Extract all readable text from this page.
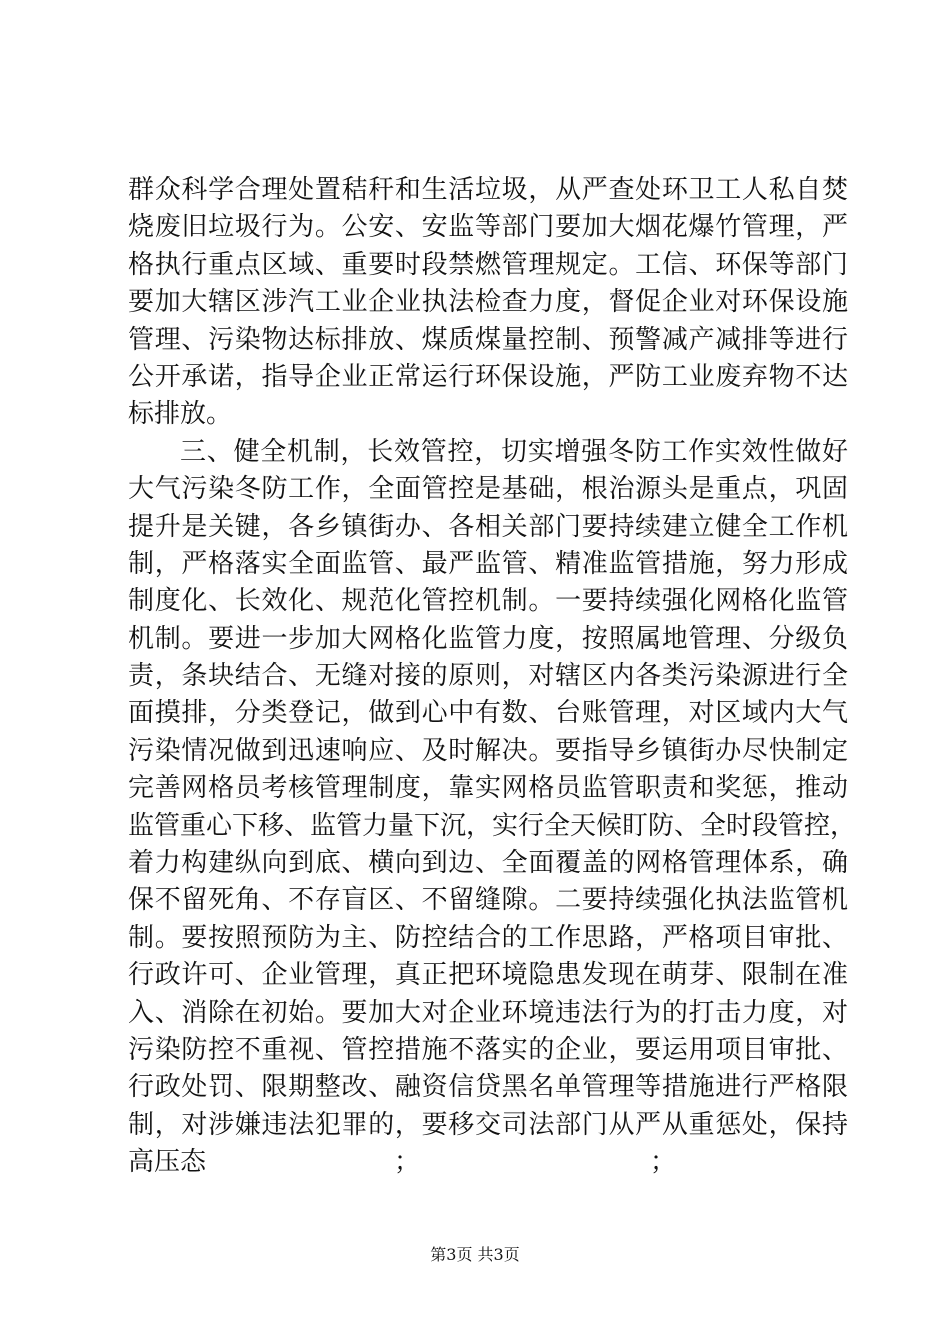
群众科学合理处置秸秆和生活垃圾，从严查处环卫工人私自焚
烧废旧垃圾行为。公安、安监等部门要加大烟花爆竹管理，严
格执行重点区域、重要时段禁燃管理规定。工信、环保等部门
要加大辖区涉汽工业企业执法检查力度，督促企业对环保设施
管理、污染物达标排放、煤质煤量控制、预警减产减排等进行
公开承诺，指导企业正常运行环保设施，严防工业废弃物不达
标排放。
三、健全机制，长效管控，切实增强冬防工作实效性做好
大气污染冬防工作，全面管控是基础，根治源头是重点，巩固
提升是关键，各乡镇街办、各相关部门要持续建立健全工作机
制，严格落实全面监管、最严监管、精准监管措施，努力形成
制度化、长效化、规范化管控机制。一要持续强化网格化监管
机制。要进一步加大网格化监管力度，按照属地管理、分级负
责，条块结合、无缝对接的原则，对辖区内各类污染源进行全
面摸排，分类登记，做到心中有数、台账管理，对区域内大气
污染情况做到迅速响应、及时解决。要指导乡镇街办尽快制定
完善网格员考核管理制度，靠实网格员监管职责和奖惩，推动
监管重心下移、监管力量下沉，实行全天候盯防、全时段管控，
着力构建纵向到底、横向到边、全面覆盖的网格管理体系，确
保不留死角、不存盲区、不留缝隙。二要持续强化执法监管机
制。要按照预防为主、防控结合的工作思路，严格项目审批、
行政许可、企业管理，真正把环境隐患发现在萌芽、限制在准
入、消除在初始。要加大对企业环境违法行为的打击力度，对
污染防控不重视、管控措施不落实的企业，要运用项目审批、
行政处罚、限期整改、融资信贷黑名单管理等措施进行严格限
制，对涉嫌违法犯罪的，要移交司法部门从严从重惩处，保持
高压态	；	；
第3页 共3页
